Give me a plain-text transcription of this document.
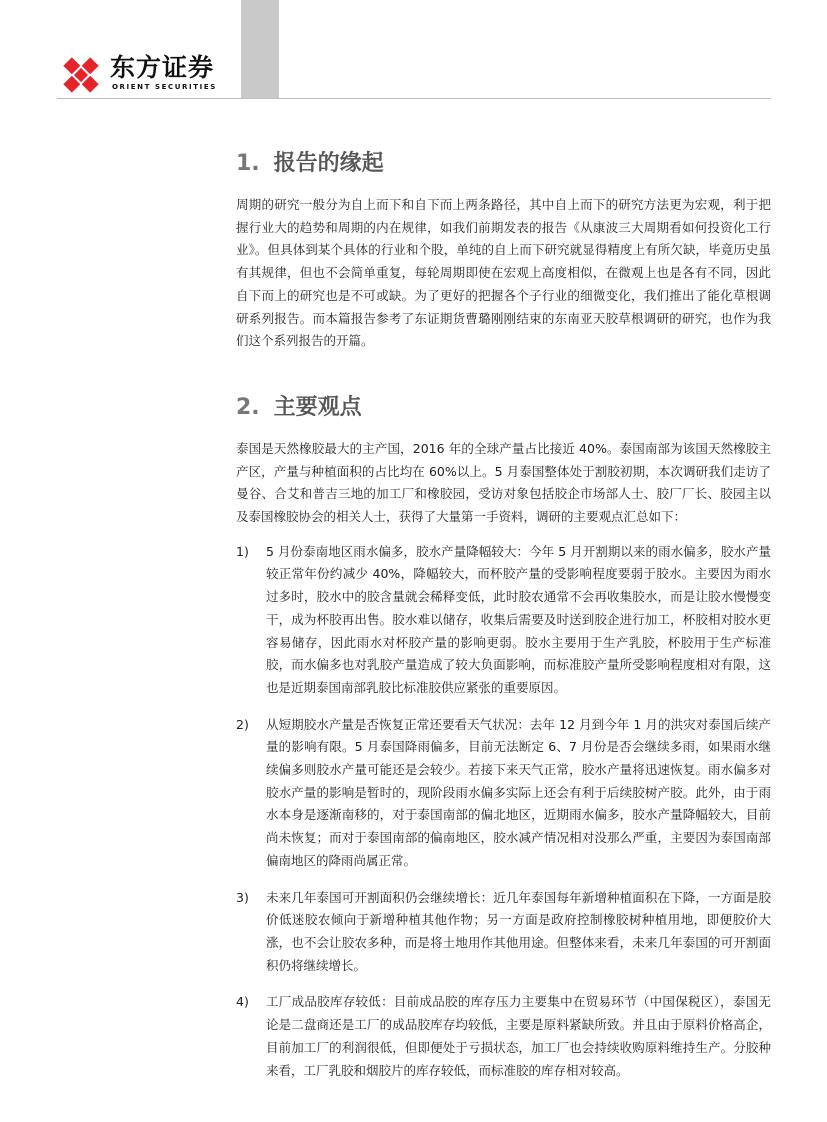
东方证券
ORIENT SECURITIES
1. 报告的缘起

周期的研究一般分为自上而下和自下而上两条路径，其中自上而下的研究方法更为宏观，利于把握行业大的趋势和周期的内在规律，如我们前期发表的报告《从康波三大周期看如何投资化工行业》。但具体到某个具体的行业和个股，单纯的自上而下研究就显得精度上有所欠缺，毕竟历史虽有其规律，但也不会简单重复，每轮周期即使在宏观上高度相似，在微观上也是各有不同，因此自下而上的研究也是不可或缺。为了更好的把握各个子行业的细微变化，我们推出了能化草根调研系列报告。而本篇报告参考了东证期货曹璐刚刚结束的东南亚天胶草根调研的研究，也作为我们这个系列报告的开篇。

2. 主要观点

泰国是天然橡胶最大的主产国，2016 年的全球产量占比接近 40%。泰国南部为该国天然橡胶主产区，产量与种植面积的占比均在 60%以上。5 月泰国整体处于割胶初期，本次调研我们走访了曼谷、合艾和普吉三地的加工厂和橡胶园，受访对象包括胶企市场部人士、胶厂厂长、胶园主以及泰国橡胶协会的相关人士，获得了大量第一手资料，调研的主要观点汇总如下：

1) 5 月份泰南地区雨水偏多，胶水产量降幅较大：今年 5 月开割期以来的雨水偏多，胶水产量较正常年份约减少 40%，降幅较大，而杯胶产量的受影响程度要弱于胶水。主要因为雨水过多时，胶水中的胶含量就会稀释变低，此时胶农通常不会再收集胶水，而是让胶水慢慢变干，成为杯胶再出售。胶水难以储存，收集后需要及时送到胶企进行加工，杯胶相对胶水更容易储存，因此雨水对杯胶产量的影响更弱。胶水主要用于生产乳胶，杯胶用于生产标准胶，而水偏多也对乳胶产量造成了较大负面影响，而标准胶产量所受影响程度相对有限，这也是近期泰国南部乳胶比标准胶供应紧张的重要原因。

2) 从短期胶水产量是否恢复正常还要看天气状况：去年 12 月到今年 1 月的洪灾对泰国后续产量的影响有限。5 月泰国降雨偏多，目前无法断定 6、7 月份是否会继续多雨，如果雨水继续偏多则胶水产量可能还是会较少。若接下来天气正常，胶水产量将迅速恢复。雨水偏多对胶水产量的影响是暂时的，现阶段雨水偏多实际上还会有利于后续胶树产胶。此外，由于雨水本身是逐渐南移的，对于泰国南部的偏北地区，近期雨水偏多，胶水产量降幅较大，目前尚未恢复；而对于泰国南部的偏南地区，胶水减产情况相对没那么严重，主要因为泰国南部偏南地区的降雨尚属正常。

3) 未来几年泰国可开割面积仍会继续增长：近几年泰国每年新增种植面积在下降，一方面是胶价低迷胶农倾向于新增种植其他作物；另一方面是政府控制橡胶树种植用地，即便胶价大涨，也不会让胶农多种，而是将土地用作其他用途。但整体来看，未来几年泰国的可开割面积仍将继续增长。

4) 工厂成品胶库存较低：目前成品胶的库存压力主要集中在贸易环节（中国保税区），泰国无论是二盘商还是工厂的成品胶库存均较低，主要是原料紧缺所致。并且由于原料价格高企，目前加工厂的利润很低，但即便处于亏损状态，加工厂也会持续收购原料维持生产。分胶种来看，工厂乳胶和烟胶片的库存较低，而标准胶的库存相对较高。
